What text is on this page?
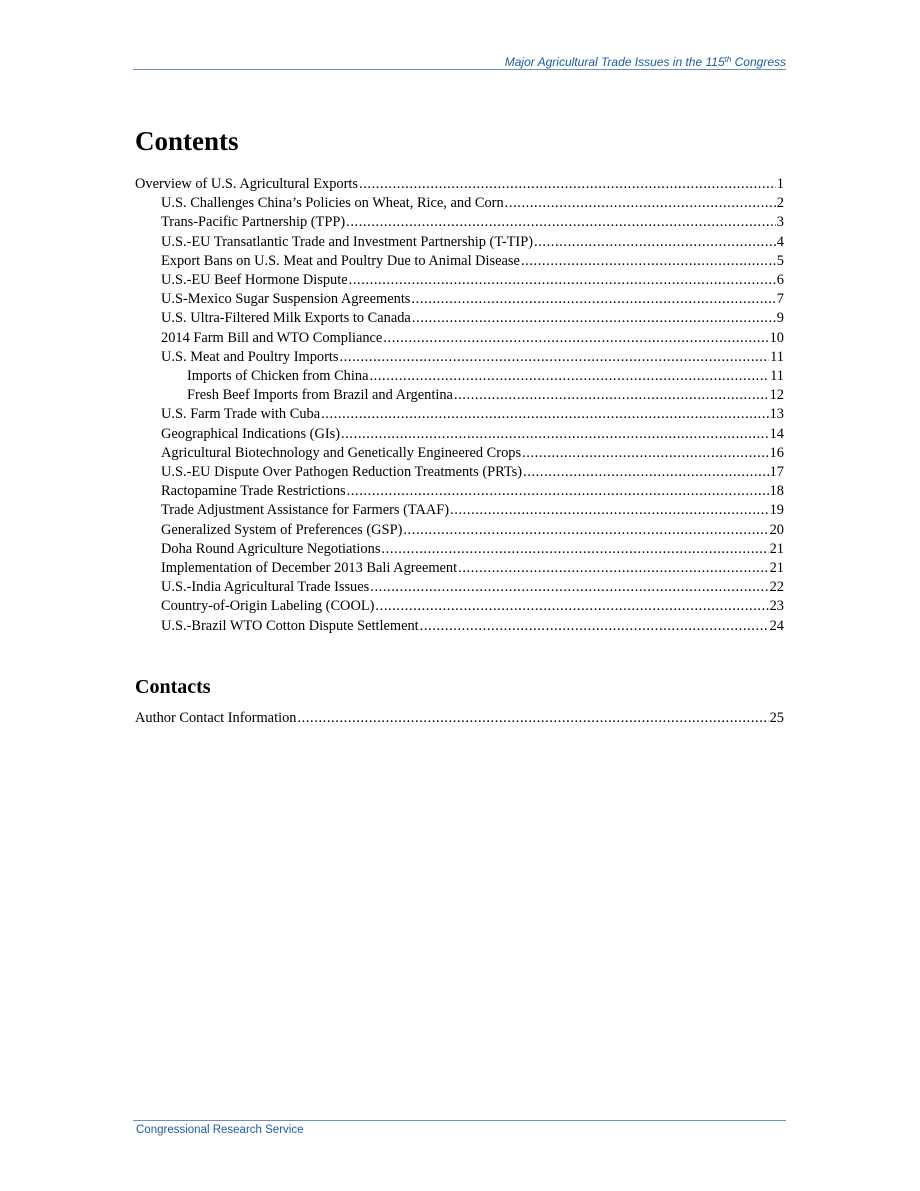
Major Agricultural Trade Issues in the 115th Congress
Contents
Overview of U.S. Agricultural Exports .....	1
U.S. Challenges China’s Policies on Wheat, Rice, and Corn .....	2
Trans-Pacific Partnership (TPP) .....	3
U.S.-EU Transatlantic Trade and Investment Partnership (T-TIP) .....	4
Export Bans on U.S. Meat and Poultry Due to Animal Disease .....	5
U.S.-EU Beef Hormone Dispute .....	6
U.S-Mexico Sugar Suspension Agreements .....	7
U.S. Ultra-Filtered Milk Exports to Canada .....	9
2014 Farm Bill and WTO Compliance .....	10
U.S. Meat and Poultry Imports .....	11
Imports of Chicken from China .....	11
Fresh Beef Imports from Brazil and Argentina .....	12
U.S. Farm Trade with Cuba .....	13
Geographical Indications (GIs) .....	14
Agricultural Biotechnology and Genetically Engineered Crops .....	16
U.S.-EU Dispute Over Pathogen Reduction Treatments (PRTs) .....	17
Ractopamine Trade Restrictions .....	18
Trade Adjustment Assistance for Farmers (TAAF) .....	19
Generalized System of Preferences (GSP) .....	20
Doha Round Agriculture Negotiations .....	21
Implementation of December 2013 Bali Agreement .....	21
U.S.-India Agricultural Trade Issues .....	22
Country-of-Origin Labeling (COOL) .....	23
U.S.-Brazil WTO Cotton Dispute Settlement .....	24
Contacts
Author Contact Information .....	25
Congressional Research Service
